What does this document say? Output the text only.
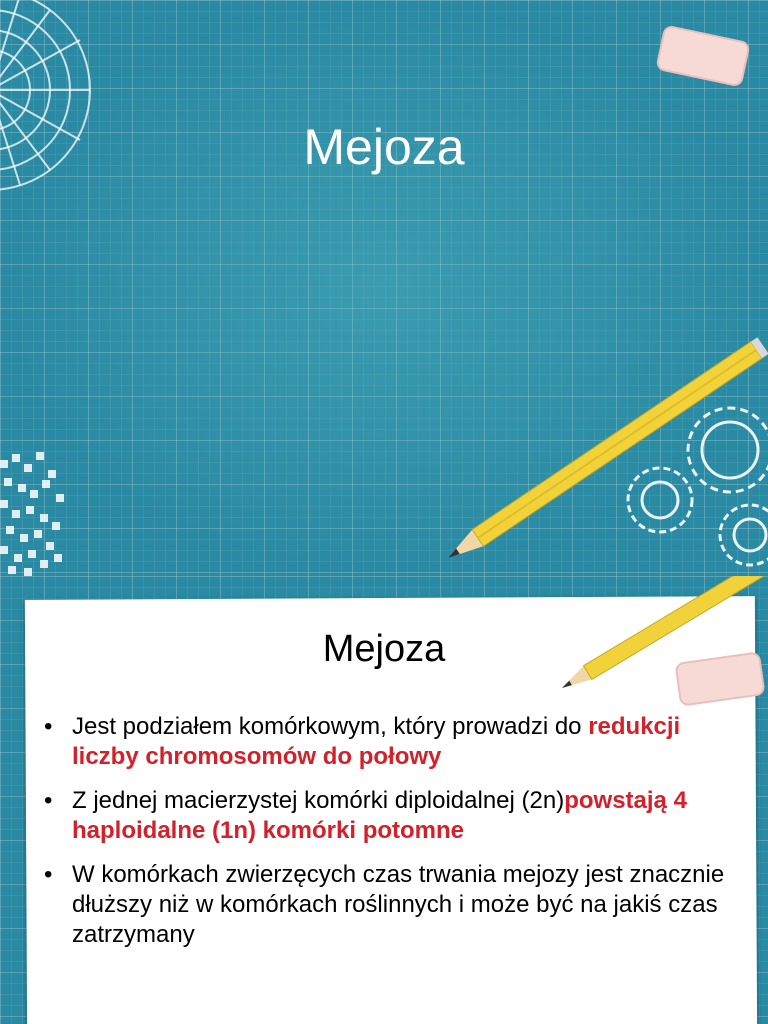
Mejoza
Mejoza
• Jest podziałem komórkowym, który prowadzi do redukcji liczby chromosomów do połowy
• Z jednej macierzystej komórki diploidalnej (2n)powstają 4 haploidalne (1n) komórki potomne
• W komórkach zwierzęcych czas trwania mejozy jest znacznie dłuższy niż w komórkach roślinnych i może być na jakiś czas zatrzymany
